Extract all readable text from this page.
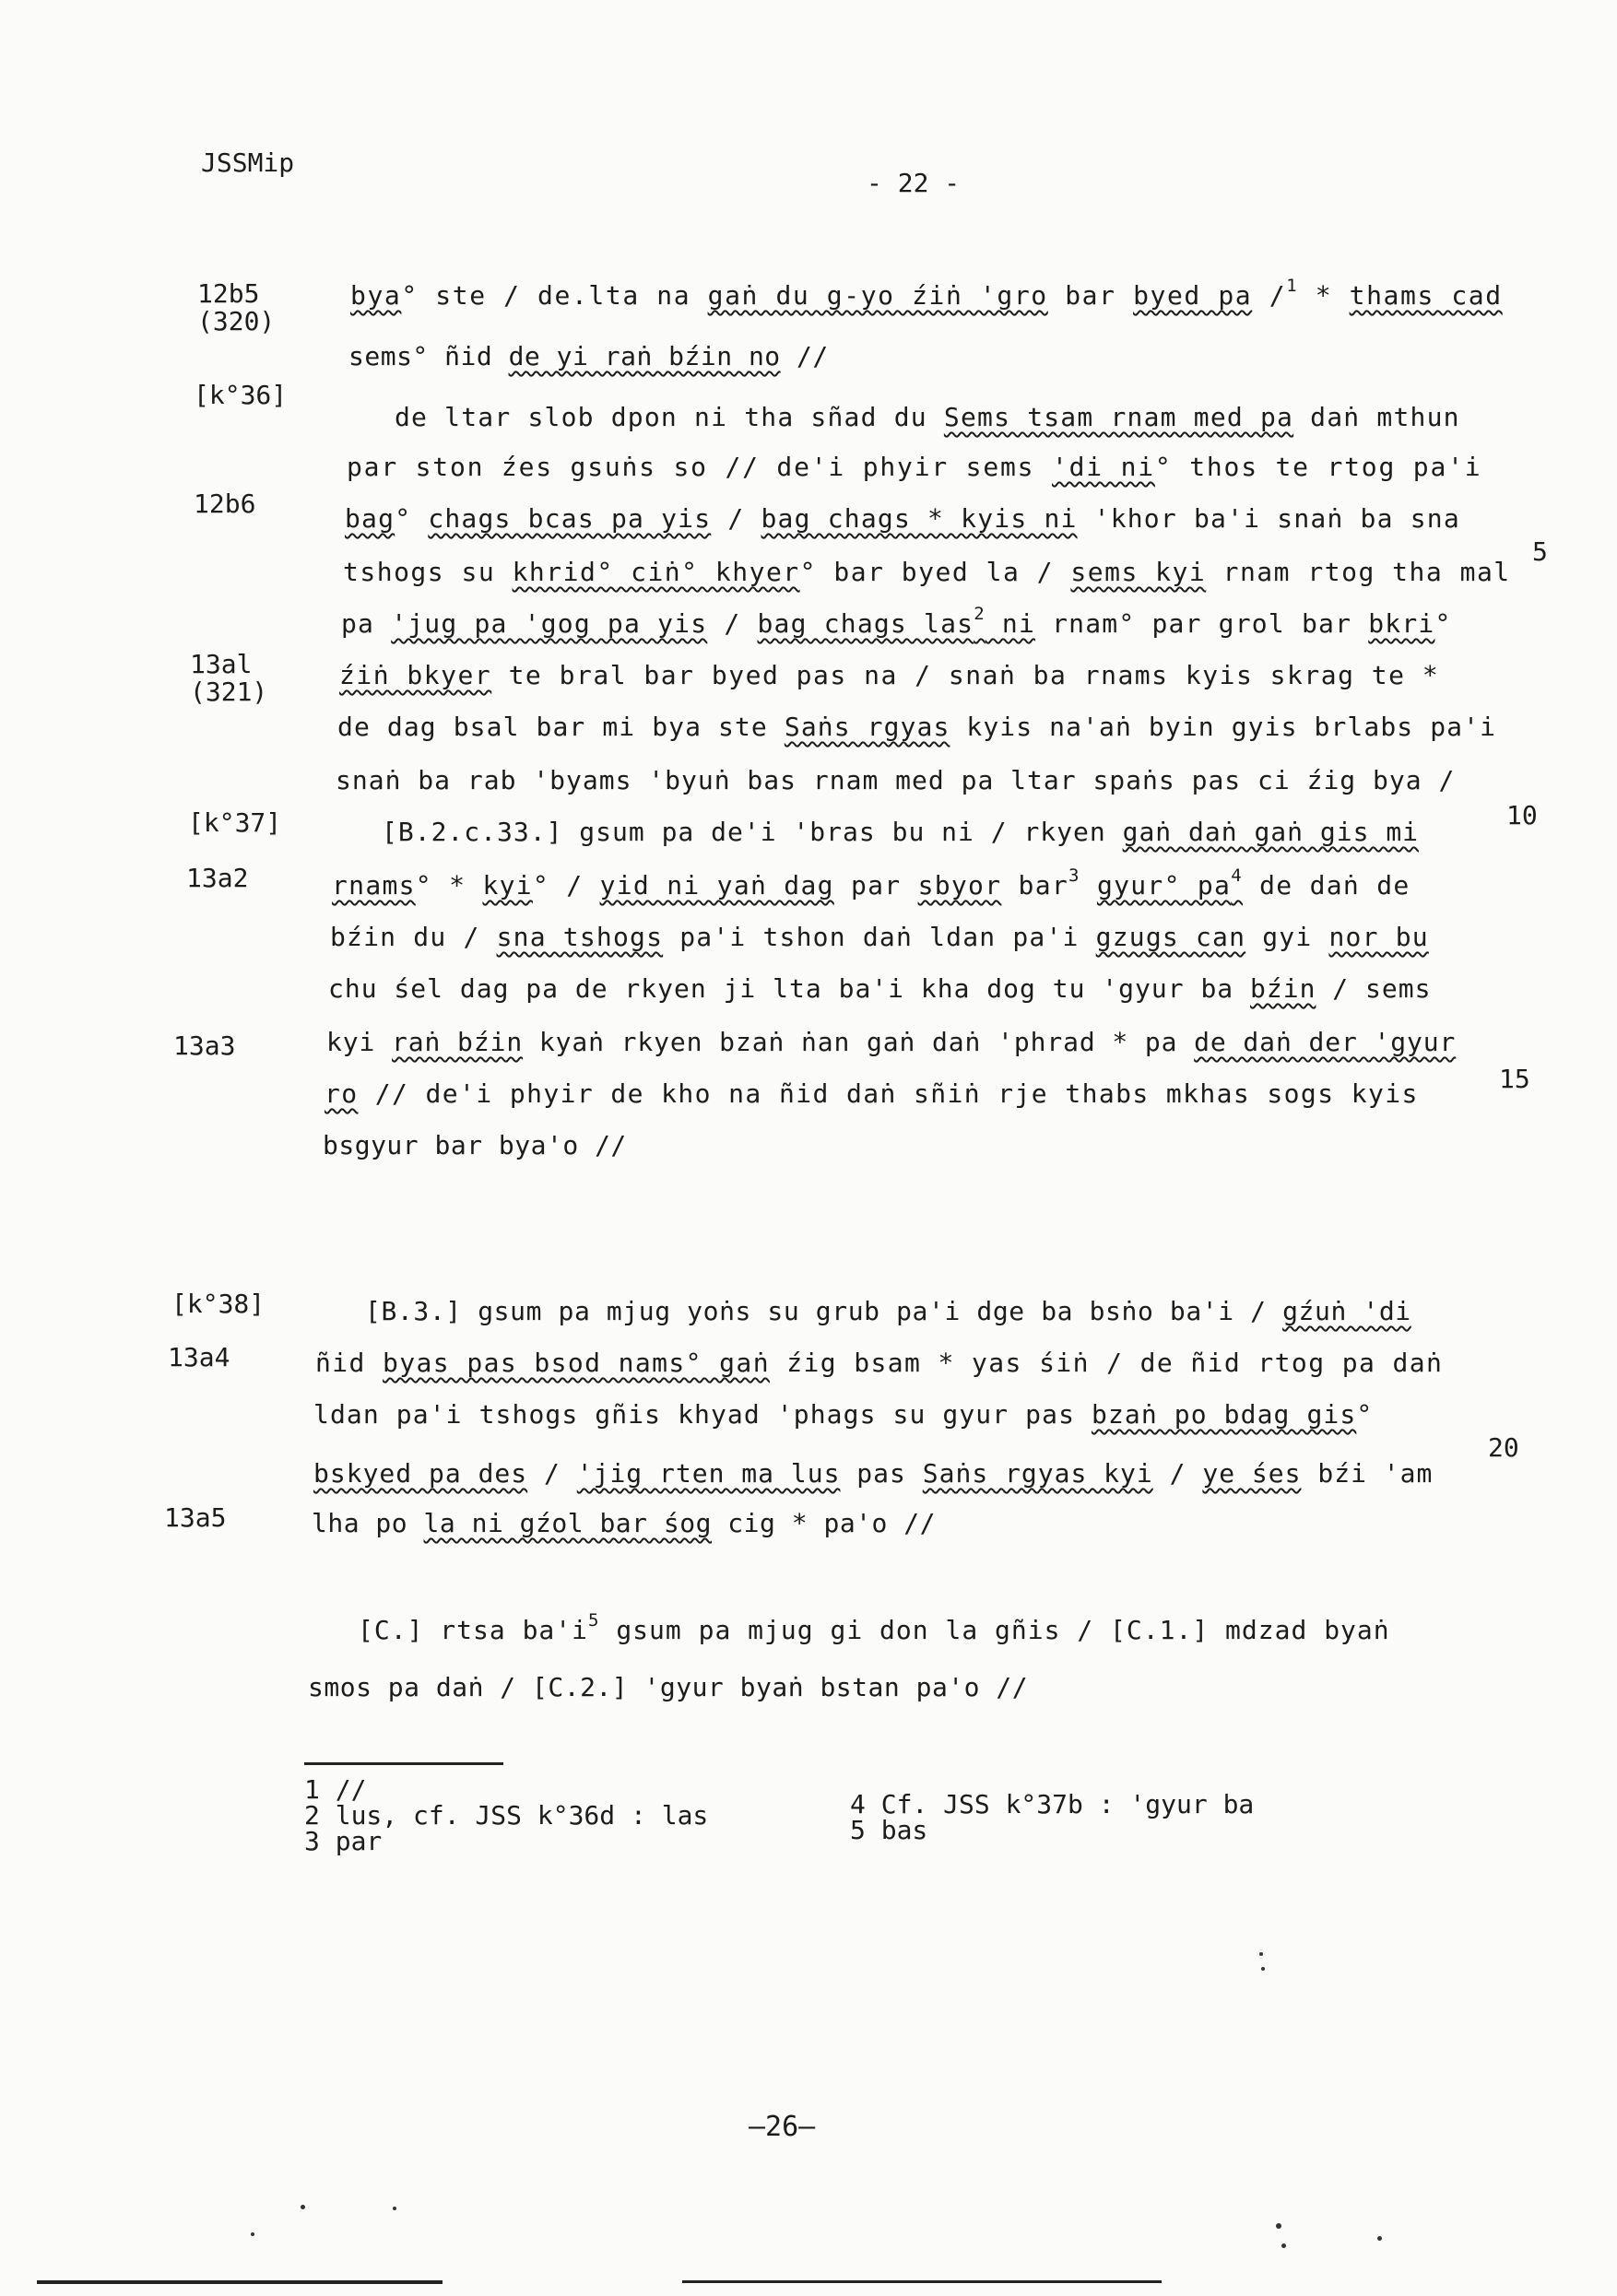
JSSMip
- 22 -
12b5
(320)
[k°36]
12b6
13al
(321)
[k°37]
13a2
13a3
[k°38]
13a4
13a5
bya° ste / de.lta na gaṅ du g-yo źiṅ 'gro bar byed pa /$^1$ * thams cad
sems° ñid de yi raṅ bźin no //
de ltar slob dpon ni tha sñad du Sems tsam rnam med pa daṅ mthun
par ston źes gsuṅs so // de'i phyir sems 'di ni° thos te rtog pa'i
bag° chags bcas pa yis / bag chags * kyis ni 'khor ba'i snaṅ ba sna
tshogs su khrid° ciṅ° khyer° bar byed la / sems kyi rnam rtog tha mal
pa 'jug pa 'gog pa yis / bag chags las$^2$ ni rnam° par grol bar bkri°
źiṅ bkyer te bral bar byed pas na / snaṅ ba rnams kyis skrag te *
de dag bsal bar mi bya ste Saṅs rgyas kyis na'aṅ byin gyis brlabs pa'i
snaṅ ba rab 'byams 'byuṅ bas rnam med pa ltar spaṅs pas ci źig bya /
[B.2.c.33.] gsum pa de'i 'bras bu ni / rkyen gaṅ daṅ gaṅ gis mi
rnams° * kyi° / yid ni yaṅ dag par sbyor bar$^3$ gyur° $pa^4$ de daṅ de
bźin du / sna tshogs pa'i tshon daṅ ldan pa'i gzugs can gyi nor bu
chu śel dag pa de rkyen ji lta ba'i kha dog tu 'gyur ba bźin / sems
kyi raṅ bźin kyaṅ rkyen bzaṅ ṅan gaṅ daṅ 'phrad * pa de daṅ der 'gyur
ro // de'i phyir de kho na ñid daṅ sñiṅ rje thabs mkhas sogs kyis
bsgyur bar bya'o //
[B.3.] gsum pa mjug yoṅs su grub pa'i dge ba bsṅo ba'i / gźuṅ 'di
ñid byas pas bsod nams° gaṅ źig bsam * yas śiṅ / de ñid rtog pa daṅ
ldan pa'i tshogs gñis khyad 'phags su gyur pas bzaṅ po bdag gis°
bskyed pa des / 'jig rten ma lus pas Saṅs rgyas kyi / ye śes bźi 'am
lha po la ni gźol bar śog cig * pa'o //
[C.] rtsa $ba'i^5$ gsum pa mjug gi don la gñis / [C.1.] mdzad byaṅ
smos pa daṅ / [C.2.] 'gyur byaṅ bstan pa'o //
5
10
15
20
1 //
2 lus, cf. JSS k°36d : las
3 par
4 Cf. JSS k°37b : 'gyur ba
5 bas
—26—
